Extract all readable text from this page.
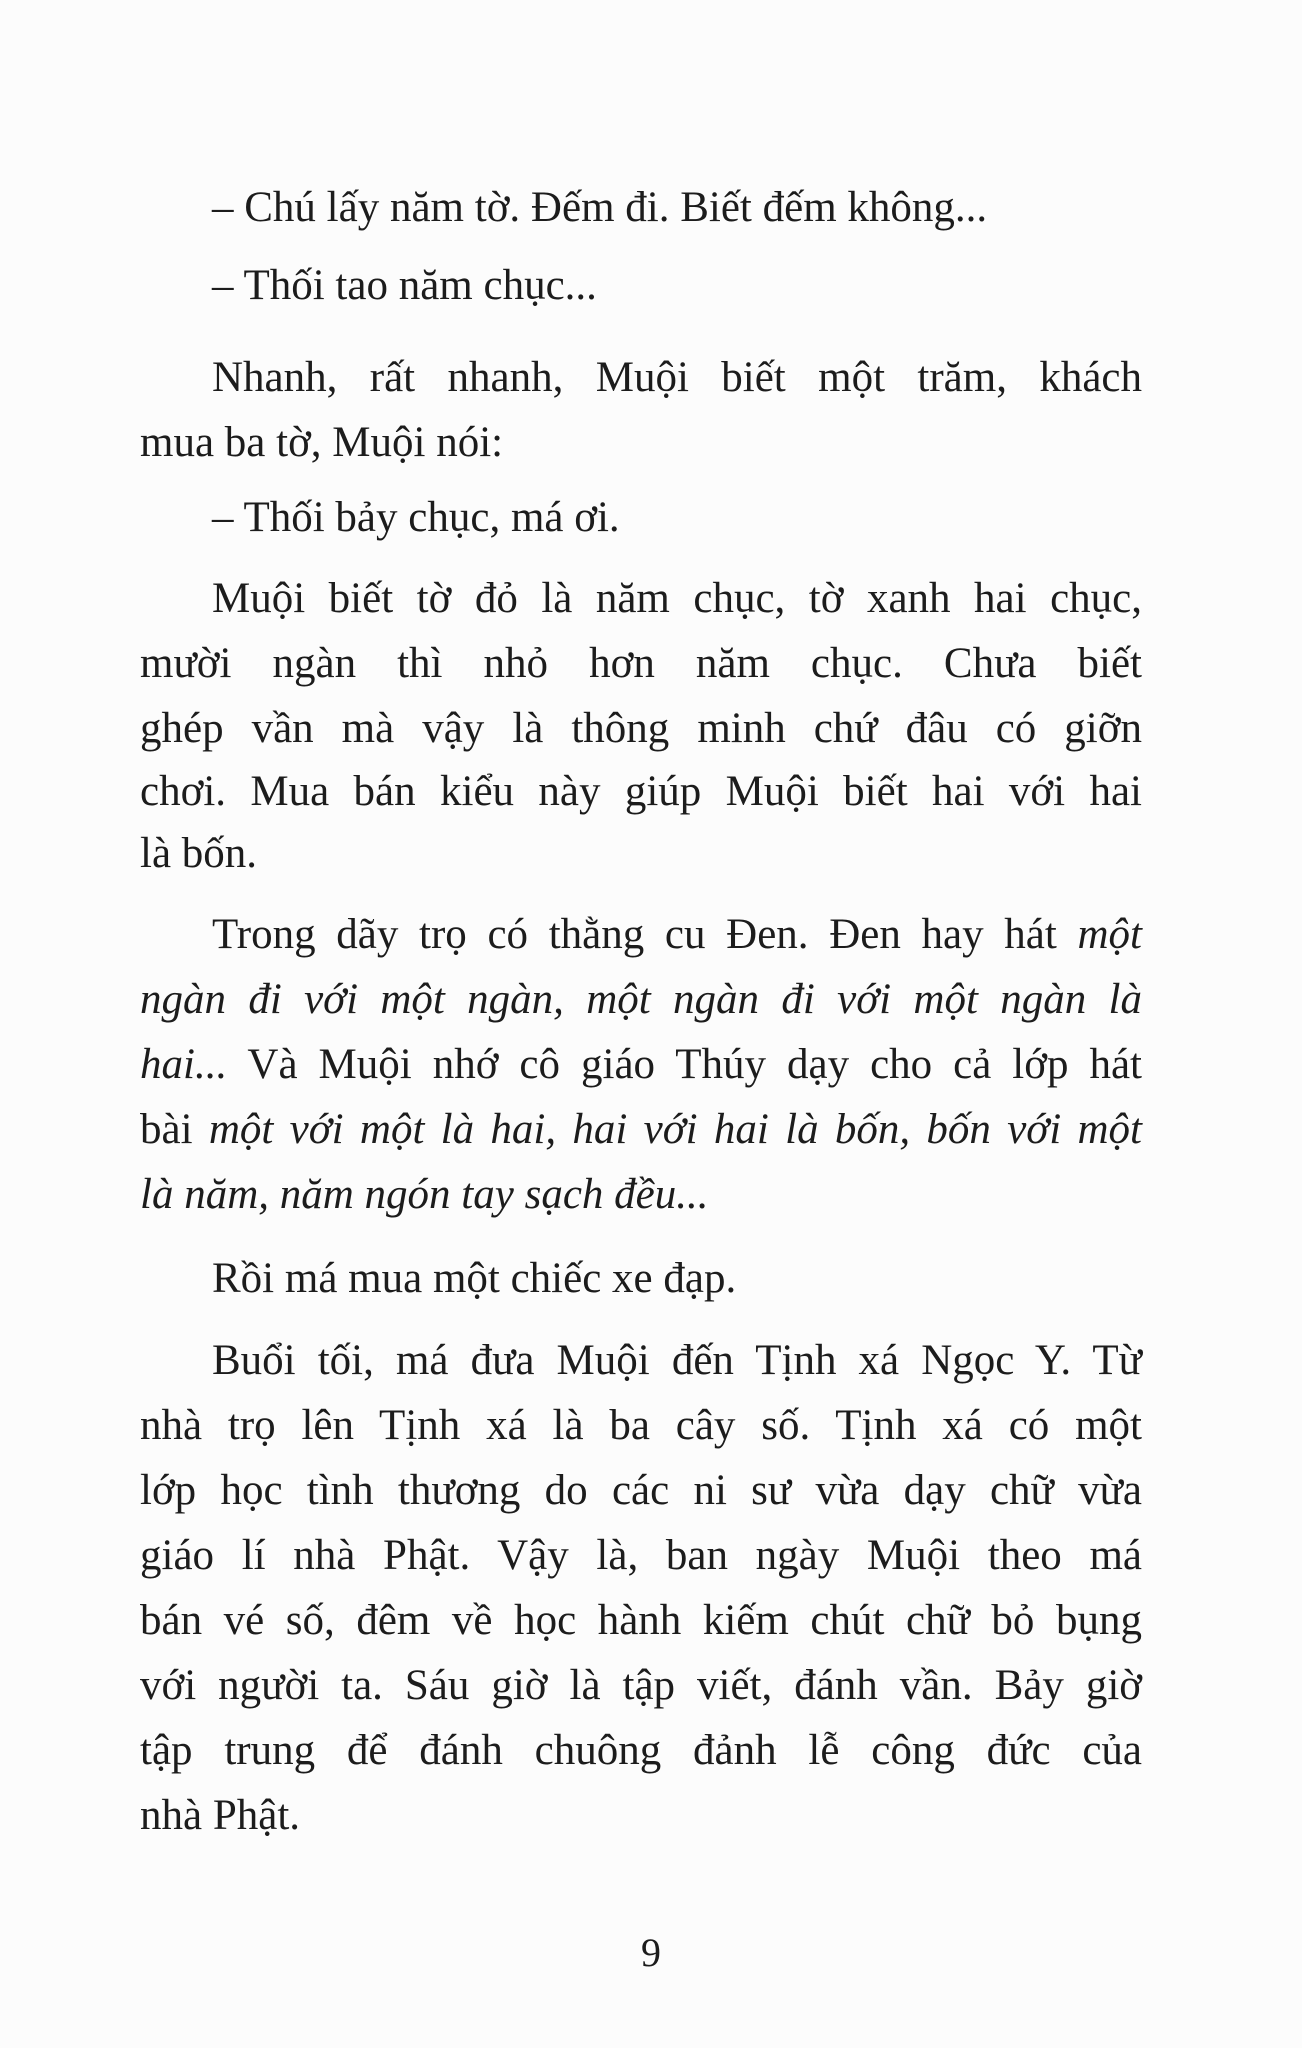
– Chú lấy năm tờ. Đếm đi. Biết đếm không...
– Thối tao năm chục...
Nhanh, rất nhanh, Muội biết một trăm, khách
mua ba tờ, Muội nói:
– Thối bảy chục, má ơi.
Muội biết tờ đỏ là năm chục, tờ xanh hai chục,
mười ngàn thì nhỏ hơn năm chục. Chưa biết
ghép vần mà vậy là thông minh chứ đâu có giỡn
chơi. Mua bán kiểu này giúp Muội biết hai với hai
là bốn.
Trong dãy trọ có thằng cu Đen. Đen hay hát một
ngàn đi với một ngàn, một ngàn đi với một ngàn là
hai... Và Muội nhớ cô giáo Thúy dạy cho cả lớp hát
bài một với một là hai, hai với hai là bốn, bốn với một
là năm, năm ngón tay sạch đều...
Rồi má mua một chiếc xe đạp.
Buổi tối, má đưa Muội đến Tịnh xá Ngọc Y. Từ
nhà trọ lên Tịnh xá là ba cây số. Tịnh xá có một
lớp học tình thương do các ni sư vừa dạy chữ vừa
giáo lí nhà Phật. Vậy là, ban ngày Muội theo má
bán vé số, đêm về học hành kiếm chút chữ bỏ bụng
với người ta. Sáu giờ là tập viết, đánh vần. Bảy giờ
tập trung để đánh chuông đảnh lễ công đức của
nhà Phật.
9
